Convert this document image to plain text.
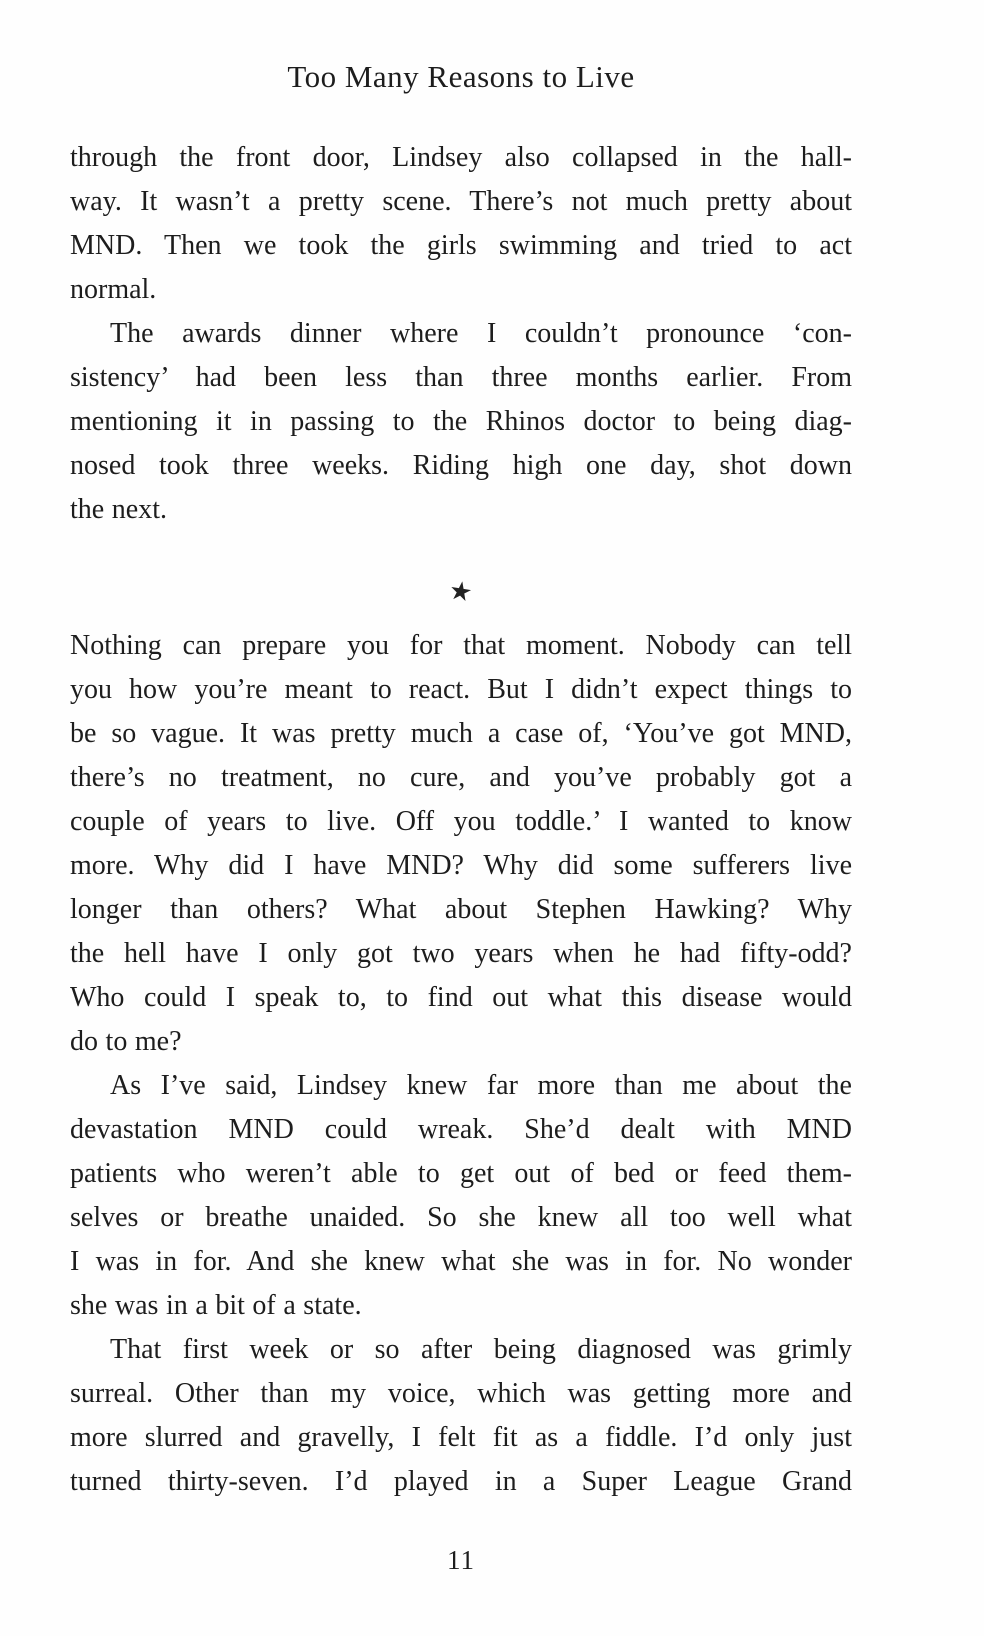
Too Many Reasons to Live
through the front door, Lindsey also collapsed in the hall-
way. It wasn’t a pretty scene. There’s not much pretty about
MND. Then we took the girls swimming and tried to act
normal.
The awards dinner where I couldn’t pronounce ‘con-
sistency’ had been less than three months earlier. From
mentioning it in passing to the Rhinos doctor to being diag-
nosed took three weeks. Riding high one day, shot down
the next.
★
Nothing can prepare you for that moment. Nobody can tell
you how you’re meant to react. But I didn’t expect things to
be so vague. It was pretty much a case of, ‘You’ve got MND,
there’s no treatment, no cure, and you’ve probably got a
couple of years to live. Off you toddle.’ I wanted to know
more. Why did I have MND? Why did some sufferers live
longer than others? What about Stephen Hawking? Why
the hell have I only got two years when he had fifty-odd?
Who could I speak to, to find out what this disease would
do to me?
As I’ve said, Lindsey knew far more than me about the
devastation MND could wreak. She’d dealt with MND
patients who weren’t able to get out of bed or feed them-
selves or breathe unaided. So she knew all too well what
I was in for. And she knew what she was in for. No wonder
she was in a bit of a state.
That first week or so after being diagnosed was grimly
surreal. Other than my voice, which was getting more and
more slurred and gravelly, I felt fit as a fiddle. I’d only just
turned thirty-seven. I’d played in a Super League Grand
11
